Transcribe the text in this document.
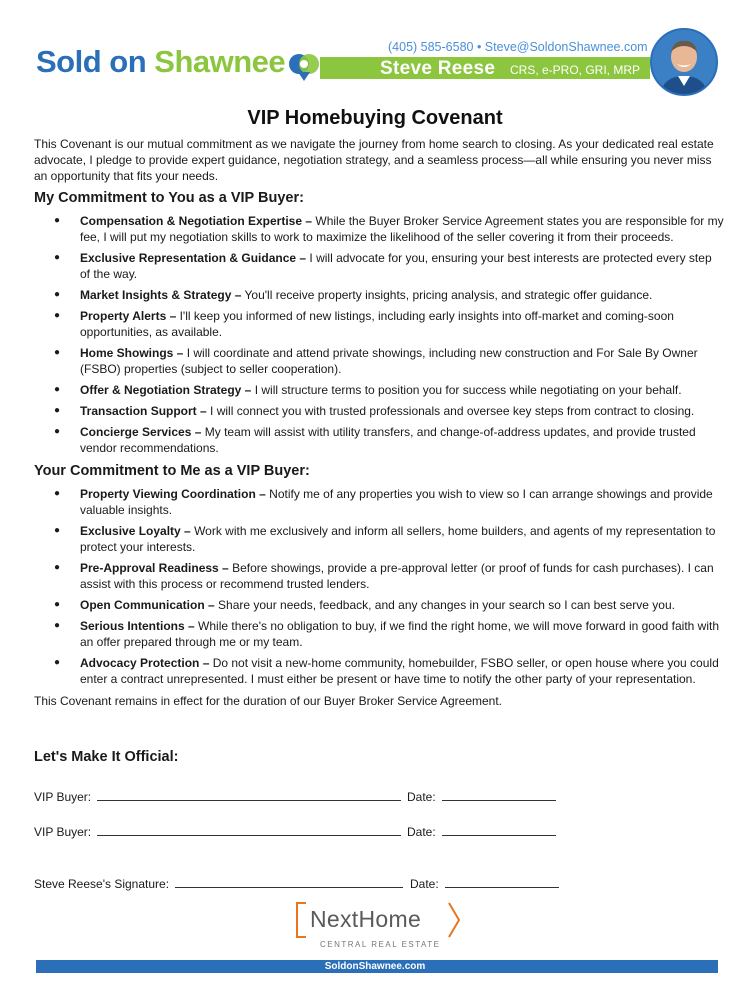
Sold on Shawnee	(405) 585-6580 • Steve@SoldonShawnee.com
Steve Reese CRS, e-PRO, GRI, MRP
VIP Homebuying Covenant

This Covenant is our mutual commitment as we navigate the journey from home search to closing. As your dedicated real estate advocate, I pledge to provide expert guidance, negotiation strategy, and a seamless process—all while ensuring you never miss an opportunity that fits your needs.

My Commitment to You as a VIP Buyer:
● Compensation & Negotiation Expertise – While the Buyer Broker Service Agreement states you are responsible for my fee, I will put my negotiation skills to work to maximize the likelihood of the seller covering it from their proceeds.
● Exclusive Representation & Guidance – I will advocate for you, ensuring your best interests are protected every step of the way.
● Market Insights & Strategy – You'll receive property insights, pricing analysis, and strategic offer guidance.
● Property Alerts – I'll keep you informed of new listings, including early insights into off-market and coming-soon opportunities, as available.
● Home Showings – I will coordinate and attend private showings, including new construction and For Sale By Owner (FSBO) properties (subject to seller cooperation).
● Offer & Negotiation Strategy – I will structure terms to position you for success while negotiating on your behalf.
● Transaction Support – I will connect you with trusted professionals and oversee key steps from contract to closing.
● Concierge Services – My team will assist with utility transfers, and change-of-address updates, and provide trusted vendor recommendations.
Your Commitment to Me as a VIP Buyer:
● Property Viewing Coordination – Notify me of any properties you wish to view so I can arrange showings and provide valuable insights.
● Exclusive Loyalty – Work with me exclusively and inform all sellers, home builders, and agents of my representation to protect your interests.
● Pre-Approval Readiness – Before showings, provide a pre-approval letter (or proof of funds for cash purchases). I can assist with this process or recommend trusted lenders.
● Open Communication – Share your needs, feedback, and any changes in your search so I can best serve you.
● Serious Intentions – While there's no obligation to buy, if we find the right home, we will move forward in good faith with an offer prepared through me or my team.
● Advocacy Protection – Do not visit a new-home community, homebuilder, FSBO seller, or open house where you could enter a contract unrepresented. I must either be present or have time to notify the other party of your representation.

This Covenant remains in effect for the duration of our Buyer Broker Service Agreement.

Let's Make It Official:
VIP Buyer:	Date:
VIP Buyer:	Date:
Steve Reese's Signature:	Date:
NextHome
CENTRAL REAL ESTATE
SoldonShawnee.com
